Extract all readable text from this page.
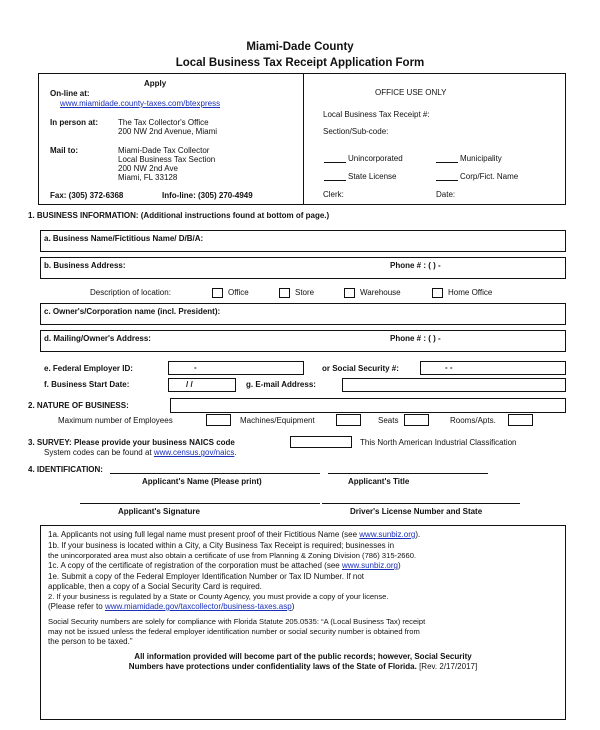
Miami-Dade County
Local Business Tax Receipt Application Form
Apply
On-line at:
www.miamidade.county-taxes.com/btexpress
In person at: The Tax Collector's Office
200 NW 2nd Avenue, Miami
Mail to:	Miami-Dade Tax Collector
Local Business Tax Section
200 NW 2nd Ave
Miami, FL 33128
Fax: (305) 372-6368	Info-line: (305) 270-4949
OFFICE USE ONLY
Local Business Tax Receipt #:
Section/Sub-code:
Unincorporated	Municipality
State License	Corp/Fict. Name
Clerk:	Date:
1. BUSINESS INFORMATION: (Additional instructions found at bottom of page.)
a. Business Name/Fictitious Name/ D/B/A:
b. Business Address:	Phone # : ( ) -
Description of location:	Office	Store	Warehouse	Home Office
c. Owner's/Corporation name (incl. President):
d. Mailing/Owner's Address:	Phone # : ( ) -
e. Federal Employer ID:	-	or Social Security #:	- -
f. Business Start Date:	/ /	g. E-mail Address:
2. NATURE OF BUSINESS:
Maximum number of Employees	Machines/Equipment	Seats	Rooms/Apts.
3. SURVEY: Please provide your business NAICS code	This North American Industrial Classification
System codes can be found at www.census.gov/naics.
4. IDENTIFICATION:
Applicant's Name (Please print)	Applicant's Title
Applicant's Signature	Driver's License Number and State
1a. Applicants not using full legal name must present proof of their Fictitious Name (see www.sunbiz.org).
1b. If your business is located within a City, a City Business Tax Receipt is required; businesses in
the unincorporated area must also obtain a certificate of use from Planning & Zoning Division (786) 315-2660.
1c. A copy of the certificate of registration of the corporation must be attached (see www.sunbiz.org)
1e. Submit a copy of the Federal Employer Identification Number or Tax ID Number. If not
applicable, then a copy of a Social Security Card is required.
2. If your business is regulated by a State or County Agency, you must provide a copy of your license.
(Please refer to www.miamidade.gov/taxcollector/business-taxes.asp)
Social Security numbers are solely for compliance with Florida Statute 205.0535: “A (Local Business Tax) receipt
may not be issued unless the federal employer identification number or social security number is obtained from
the person to be taxed.”
All information provided will become part of the public records; however, Social Security
Numbers have protections under confidentiality laws of the State of Florida. [Rev. 2/17/2017]
